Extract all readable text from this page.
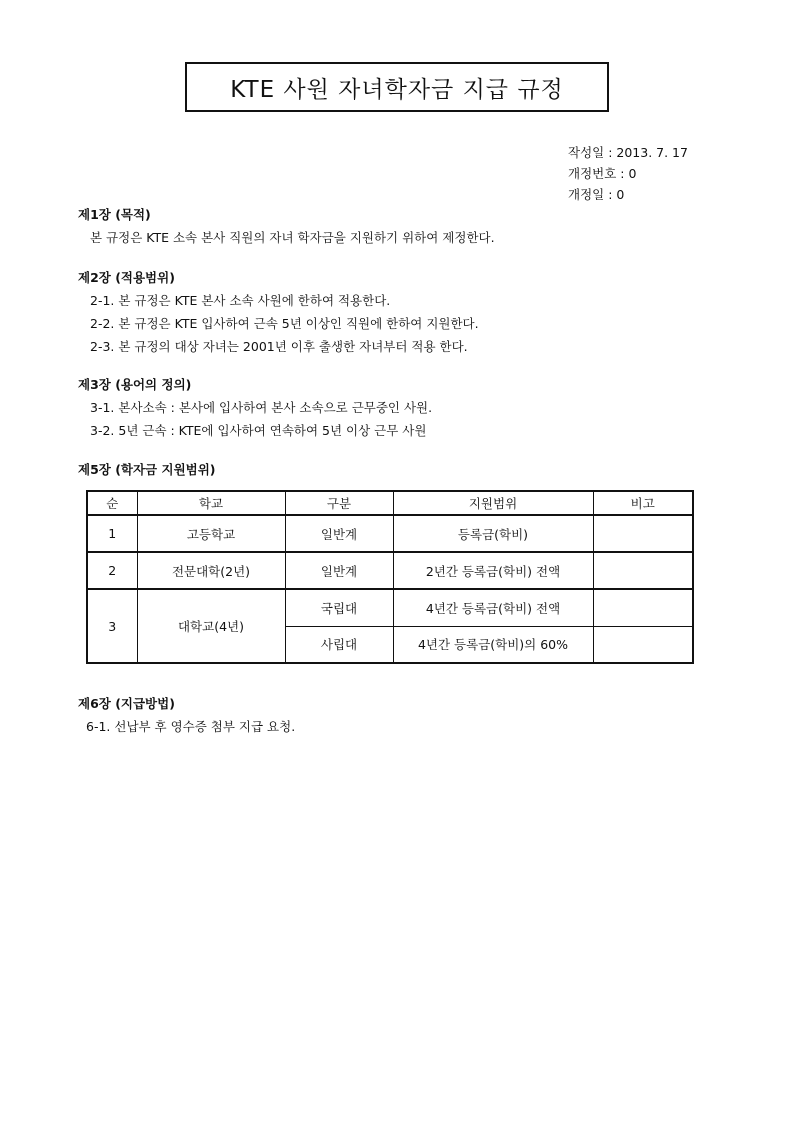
KTE 사원 자녀학자금 지급 규정
작성일 : 2013. 7. 17
개정번호 : 0
개정일 : 0
제1장 (목적)
본 규정은 KTE 소속 본사 직원의 자녀 학자금을 지원하기 위하여 제정한다.
제2장 (적용범위)
2-1. 본 규정은 KTE 본사 소속 사원에 한하여 적용한다.
2-2. 본 규정은 KTE 입사하여 근속 5년 이상인 직원에 한하여 지원한다.
2-3. 본 규정의 대상 자녀는 2001년 이후 출생한 자녀부터 적용 한다.
제3장 (용어의 정의)
3-1. 본사소속 : 본사에 입사하여 본사 소속으로 근무중인 사원.
3-2. 5년 근속 : KTE에 입사하여 연속하여 5년 이상 근무 사원
제5장 (학자금 지원범위)
순	학교	구분	지원범위	비고
1	고등학교	일반계	등록금(학비)	
2	전문대학(2년)	일반계	2년간 등록금(학비) 전액	
3	대학교(4년)	국립대	4년간 등록금(학비) 전액	
		사립대	4년간 등록금(학비)의 60%	
제6장 (지급방법)
6-1. 선납부 후 영수증 첨부 지급 요청.
